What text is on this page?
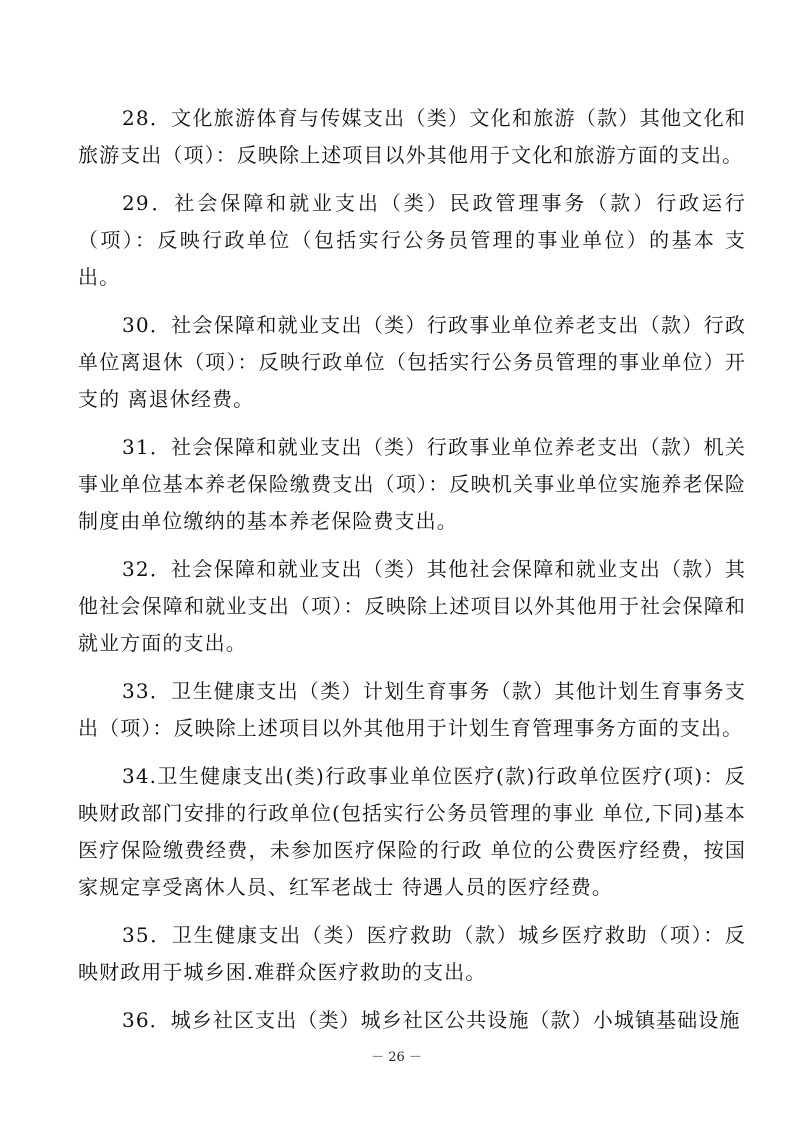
28．文化旅游体育与传媒支出（类）文化和旅游（款）其他文化和旅游支出（项）：反映除上述项目以外其他用于文化和旅游方面的支出。

29．社会保障和就业支出（类）民政管理事务（款）行政运行（项）：反映行政单位（包括实行公务员管理的事业单位）的基本 支出。

30．社会保障和就业支出（类）行政事业单位养老支出（款）行政单位离退休（项）：反映行政单位（包括实行公务员管理的事业单位）开支的 离退休经费。

31．社会保障和就业支出（类）行政事业单位养老支出（款）机关事业单位基本养老保险缴费支出（项）：反映机关事业单位实施养老保险制度由单位缴纳的基本养老保险费支出。

32．社会保障和就业支出（类）其他社会保障和就业支出（款）其他社会保障和就业支出（项）：反映除上述项目以外其他用于社会保障和就业方面的支出。

33．卫生健康支出（类）计划生育事务（款）其他计划生育事务支出（项）：反映除上述项目以外其他用于计划生育管理事务方面的支出。

34.卫生健康支出(类)行政事业单位医疗(款)行政单位医疗(项)：反映财政部门安排的行政单位(包括实行公务员管理的事业 单位,下同)基本医疗保险缴费经费，未参加医疗保险的行政 单位的公费医疗经费，按国家规定享受离休人员、红军老战士 待遇人员的医疗经费。

35．卫生健康支出（类）医疗救助（款）城乡医疗救助（项）：反映财政用于城乡困.难群众医疗救助的支出。

36．城乡社区支出（类）城乡社区公共设施（款）小城镇基础设施

－ 26 －
